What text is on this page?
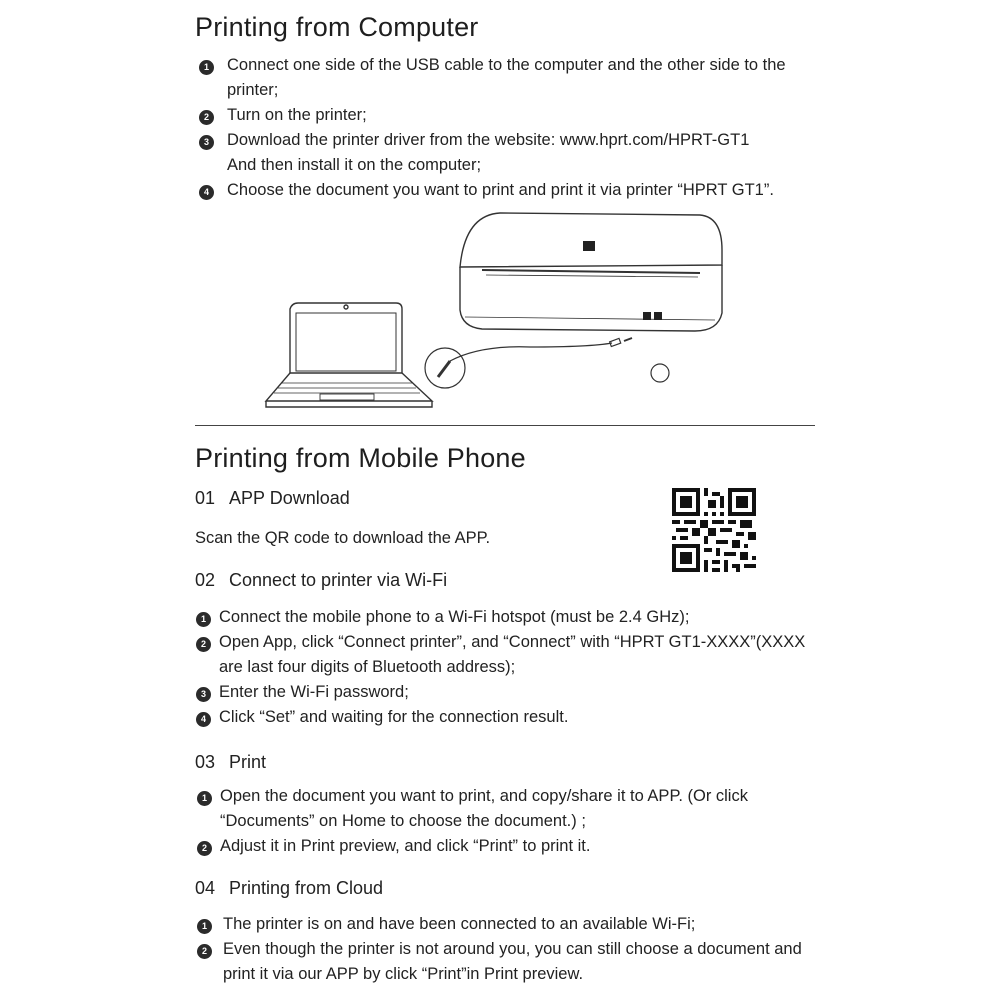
Printing from Computer
1	Connect one side of the USB cable to the computer and the other side to the
printer;
2	Turn on the printer;
3	Download the printer driver from the website: www.hprt.com/HPRT-GT1
And then install it on the computer;
4	Choose the document you want to print and print it via printer “HPRT GT1”.
Printing from Mobile Phone
01 APP Download
Scan the QR code to download the APP.
02 Connect to printer via Wi-Fi
1 Connect the mobile phone to a Wi-Fi hotspot (must be 2.4 GHz);
2 Open App, click “Connect printer”, and “Connect” with “HPRT GT1-XXXX”(XXXX
are last four digits of Bluetooth address);
3 Enter the Wi-Fi password;
4 Click “Set” and waiting for the connection result.
03 Print
1 Open the document you want to print, and copy/share it to APP. (Or click
“Documents” on Home to choose the document.) ;
2 Adjust it in Print preview, and click “Print” to print it.
04 Printing from Cloud
1 The printer is on and have been connected to an available Wi-Fi;
2 Even though the printer is not around you, you can still choose a document and
print it via our APP by click “Print”in Print preview.
